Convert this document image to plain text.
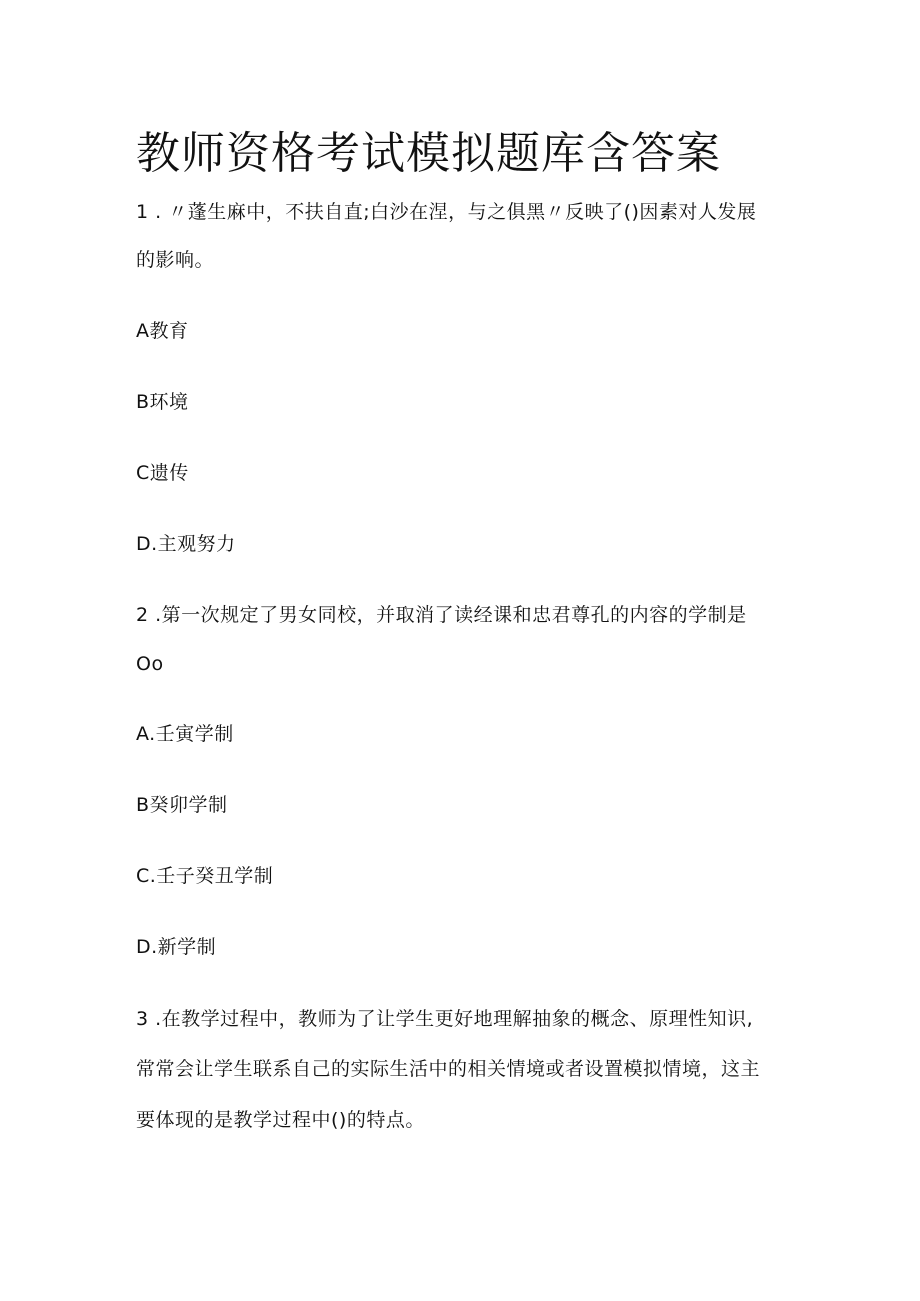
教师资格考试模拟题库含答案
1 . 〃蓬生麻中，不扶自直;白沙在涅，与之俱黑〃反映了()因素对人发展
的影响。
A教育
B环境
C遗传
D.主观努力
2 .第一次规定了男女同校，并取消了读经课和忠君尊孔的内容的学制是
Oo
A.壬寅学制
B癸卯学制
C.壬子癸丑学制
D.新学制
3 .在教学过程中，教师为了让学生更好地理解抽象的概念、原理性知识,
常常会让学生联系自己的实际生活中的相关情境或者设置模拟情境，这主
要体现的是教学过程中()的特点。
